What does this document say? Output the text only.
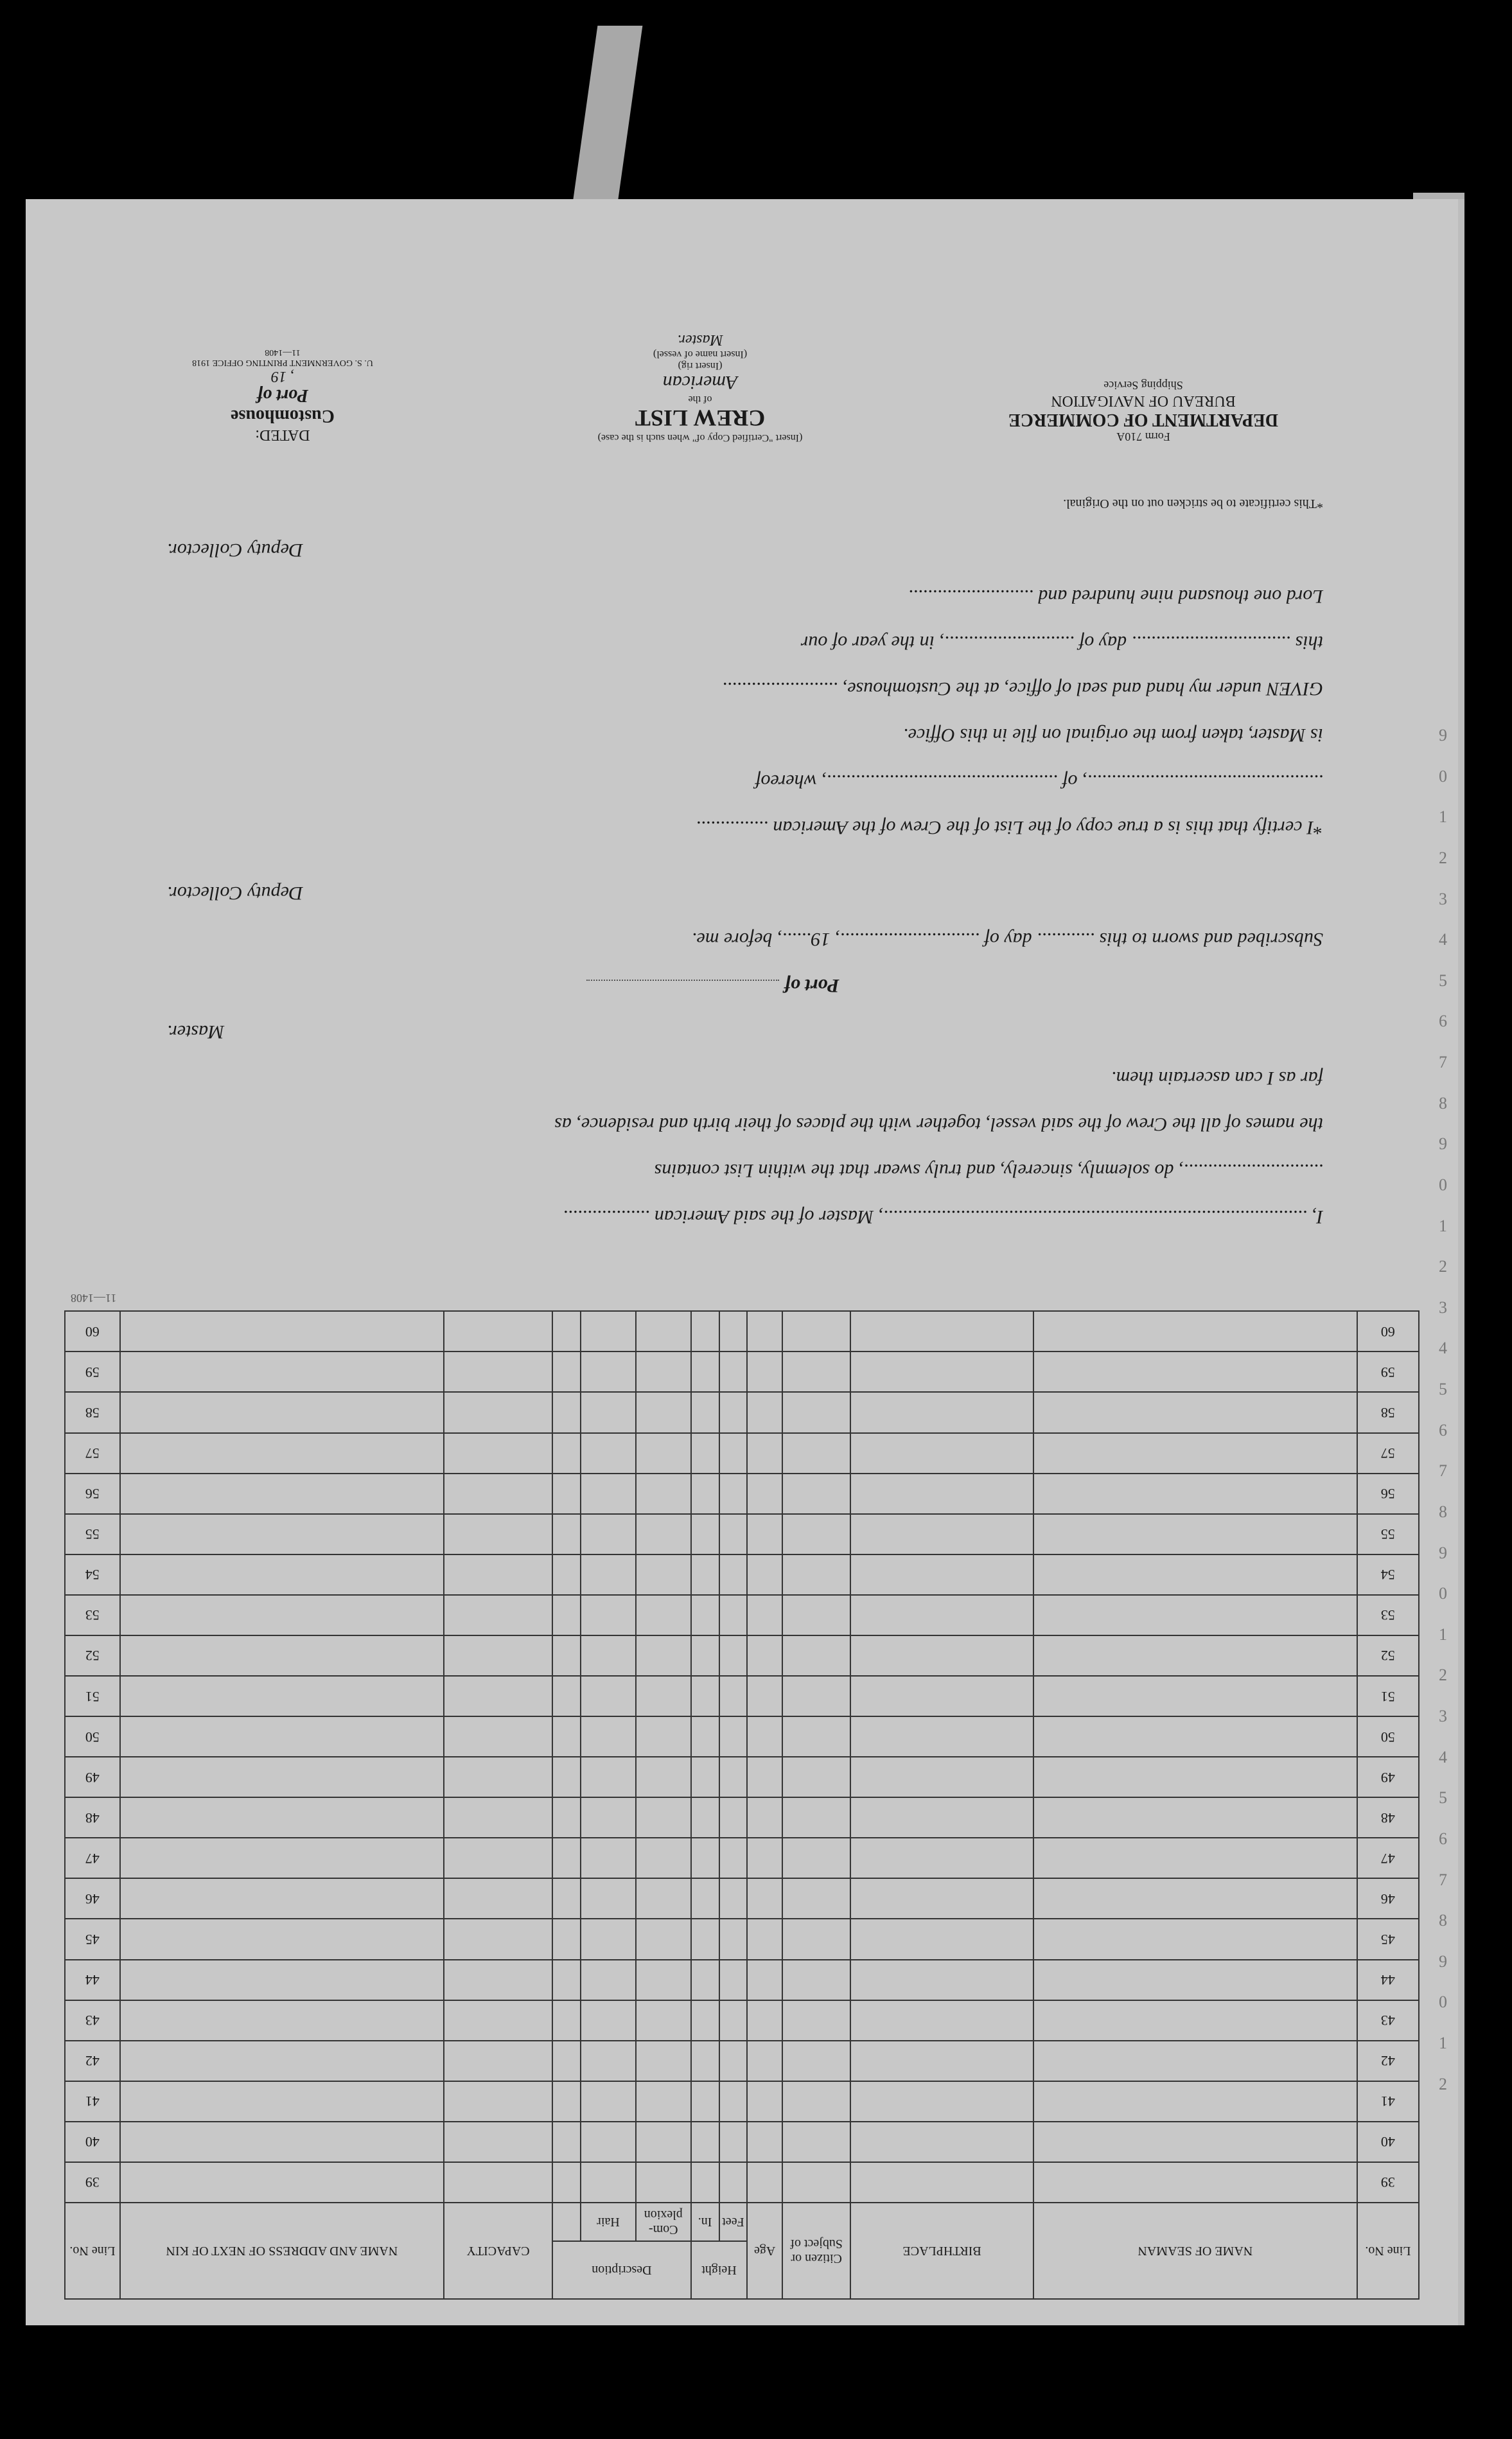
9
0
1
2
3
4
5
6
7
8
9
0
1
2
3
4
5
6
7
8
9
0
1
2
3
4
5
6
7
8
9
0
1
2
I, ........................................................................................, Master of the said American ..................
............................., do solemnly, sincerely, and truly swear that the within List contains
the names of all the Crew of the said vessel, together with the places of their birth and residence, as
far as I can ascertain them.
Master.
Port of
Subscribed and sworn to this ............ day of ............................., 19......, before me.
Deputy Collector.
*I certify that this is a true copy of the List of the Crew of the American ...............
................................................., of ................................................, whereof
is Master, taken from the original on file in this Office.
GIVEN under my hand and seal of office, at the Customhouse, ........................
this ................................. day of ..........................., in the year of our
Lord one thousand nine hundred and ..........................
Deputy Collector.
*This certificate to be stricken out on the Original.
Form 710A
DEPARTMENT OF COMMERCE
BUREAU OF NAVIGATION
Shipping Service
(Insert "Certified Copy of" when such is the case)
CREW LIST
of the
American
(Insert rig)
(Insert name of vessel)
Master.
DATED:
Customhouse
Port of
, 19
U. S. GOVERNMENT PRINTING OFFICE 1918
11—1408
Line No.	NAME OF SEAMAN	BIRTHPLACE	Citizen or Subject of	Age	Height		Description			CAPACITY	NAME AND ADDRESS OF NEXT OF KIN	Line No.
					Feet	In.	Com- plexion	Hair				
39												39
40												40
41												41
42												42
43												43
44												44
45												45
46												46
47												47
48												48
49												49
50												50
51												51
52												52
53												53
54												54
55												55
56												56
57												57
58												58
59												59
60												60
11—1408
